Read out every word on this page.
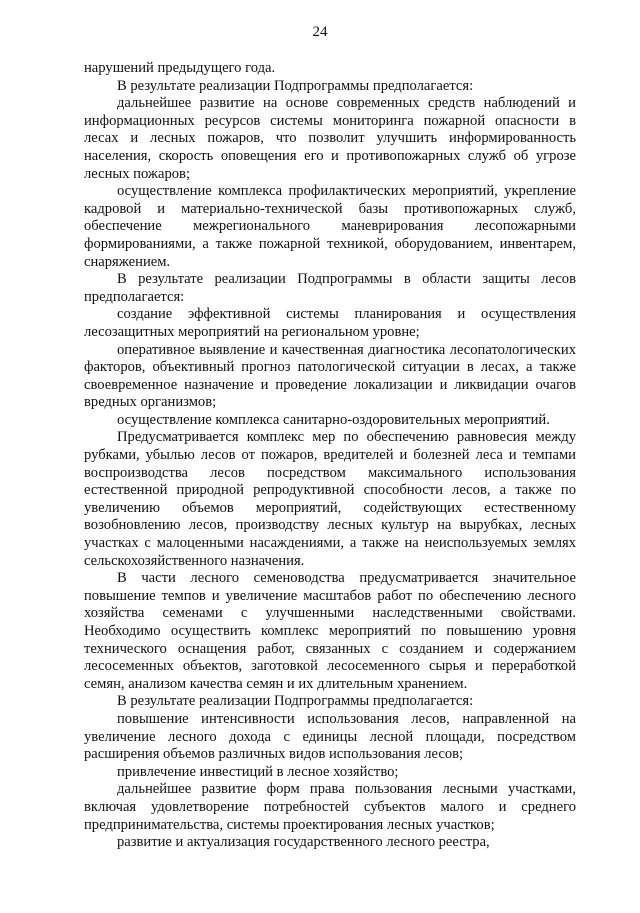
24

нарушений предыдущего года.

В результате реализации Подпрограммы предполагается:

дальнейшее развитие на основе современных средств наблюдений и информационных ресурсов системы мониторинга пожарной опасности в лесах и лесных пожаров, что позволит улучшить информированность населения, скорость оповещения его и противопожарных служб об угрозе лесных пожаров;

осуществление комплекса профилактических мероприятий, укрепление кадровой и материально-технической базы противопожарных служб, обеспечение межрегионального маневрирования лесопожарными формированиями, а также пожарной техникой, оборудованием, инвентарем, снаряжением.

В результате реализации Подпрограммы в области защиты лесов предполагается:

создание эффективной системы планирования и осуществления лесозащитных мероприятий на региональном уровне;

оперативное выявление и качественная диагностика лесопатологических факторов, объективный прогноз патологической ситуации в лесах, а также своевременное назначение и проведение локализации и ликвидации очагов вредных организмов;

осуществление комплекса санитарно-оздоровительных мероприятий.

Предусматривается комплекс мер по обеспечению равновесия между рубками, убылью лесов от пожаров, вредителей и болезней леса и темпами воспроизводства лесов посредством максимального использования естественной природной репродуктивной способности лесов, а также по увеличению объемов мероприятий, содействующих естественному возобновлению лесов, производству лесных культур на вырубках, лесных участках с малоценными насаждениями, а также на неиспользуемых землях сельскохозяйственного назначения.

В части лесного семеноводства предусматривается значительное повышение темпов и увеличение масштабов работ по обеспечению лесного хозяйства семенами с улучшенными наследственными свойствами. Необходимо осуществить комплекс мероприятий по повышению уровня технического оснащения работ, связанных с созданием и содержанием лесосеменных объектов, заготовкой лесосеменного сырья и переработкой семян, анализом качества семян и их длительным хранением.

В результате реализации Подпрограммы предполагается:

повышение интенсивности использования лесов, направленной на увеличение лесного дохода с единицы лесной площади, посредством расширения объемов различных видов использования лесов;

привлечение инвестиций в лесное хозяйство;

дальнейшее развитие форм права пользования лесными участками, включая удовлетворение потребностей субъектов малого и среднего предпринимательства, системы проектирования лесных участков;

развитие и актуализация государственного лесного реестра,
